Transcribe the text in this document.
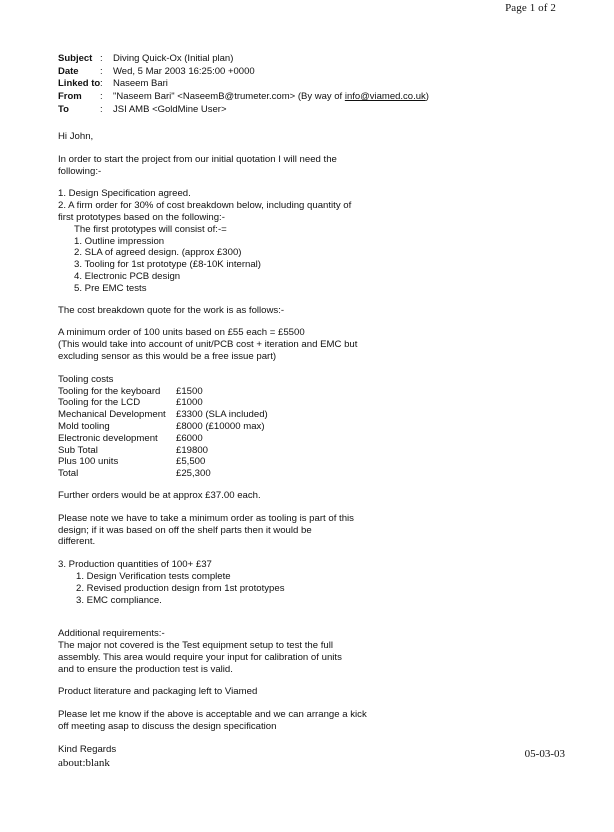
Page 1 of 2
Subject :	Diving Quick-Ox (Initial plan)
Date	:	Wed, 5 Mar 2003 16:25:00 +0000
Linked to :	Naseem Bari
From	:	"Naseem Bari" <NaseemB@trumeter.com> (By way of info@viamed.co.uk)
To	:	JSI AMB <GoldMine User>
Hi John,
In order to start the project from our initial quotation I will need the
following:-
1. Design Specification agreed.
2. A firm order for 30% of cost breakdown below, including quantity of
first prototypes based on the following:-
The first prototypes will consist of:-=
1. Outline impression
2. SLA of agreed design. (approx £300)
3. Tooling for 1st prototype (£8-10K internal)
4. Electronic PCB design
5. Pre EMC tests
The cost breakdown quote for the work is as follows:-
A minimum order of 100 units based on £55 each = £5500
(This would take into account of unit/PCB cost + iteration and EMC but
excluding sensor as this would be a free issue part)
Tooling costs
Tooling for the keyboard	£1500
Tooling for the LCD	£1000
Mechanical Development	£3300 (SLA included)
Mold tooling	£8000 (£10000 max)
Electronic development	£6000
Sub Total	£19800
Plus 100 units	£5,500
Total	£25,300
Further orders would be at approx £37.00 each.
Please note we have to take a minimum order as tooling is part of this
design; if it was based on off the shelf parts then it would be
different.
3. Production quantities of 100+ £37
1. Design Verification tests complete
2. Revised production design from 1st prototypes
3. EMC compliance.
Additional requirements:-
The major not covered is the Test equipment setup to test the full
assembly. This area would require your input for calibration of units
and to ensure the production test is valid.
Product literature and packaging left to Viamed
Please let me know if the above is acceptable and we can arrange a kick
off meeting asap to discuss the design specification
Kind Regards
about:blank
05-03-03
